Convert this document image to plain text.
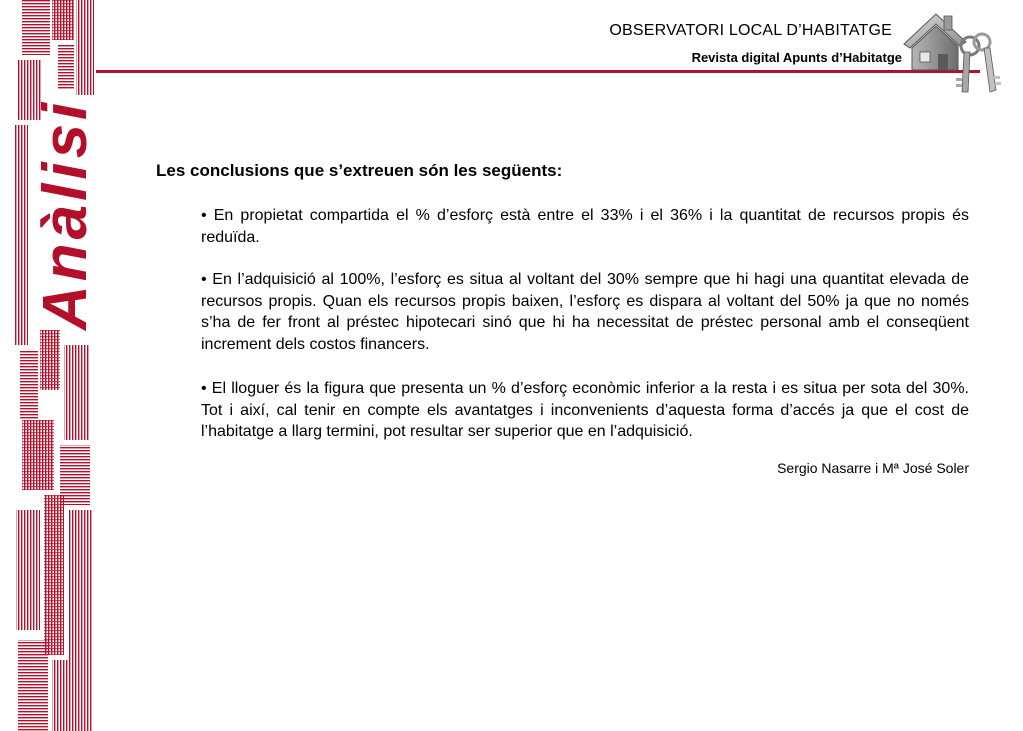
Anàlisi
OBSERVATORI LOCAL D’HABITATGE
Revista digital Apunts d’Habitatge
Les conclusions que s’extreuen són les següents:

• En propietat compartida el % d’esforç està entre el 33% i el 36% i la quantitat de recursos propis és reduïda.

• En l’adquisició al 100%, l’esforç es situa al voltant del 30% sempre que hi hagi una quantitat elevada de recursos propis. Quan els recursos propis baixen, l’esforç es dispara al voltant del 50% ja que no només s’ha de fer front al préstec hipotecari sinó que hi ha necessitat de préstec personal amb el conseqüent increment dels costos financers.

• El lloguer és la figura que presenta un % d’esforç econòmic inferior a la resta i es situa per sota del 30%. Tot i així, cal tenir en compte els avantatges i inconvenients d’aquesta forma d’accés ja que el cost de l’habitatge a llarg termini, pot resultar ser superior que en l’adquisició.

Sergio Nasarre i Mª José Soler
